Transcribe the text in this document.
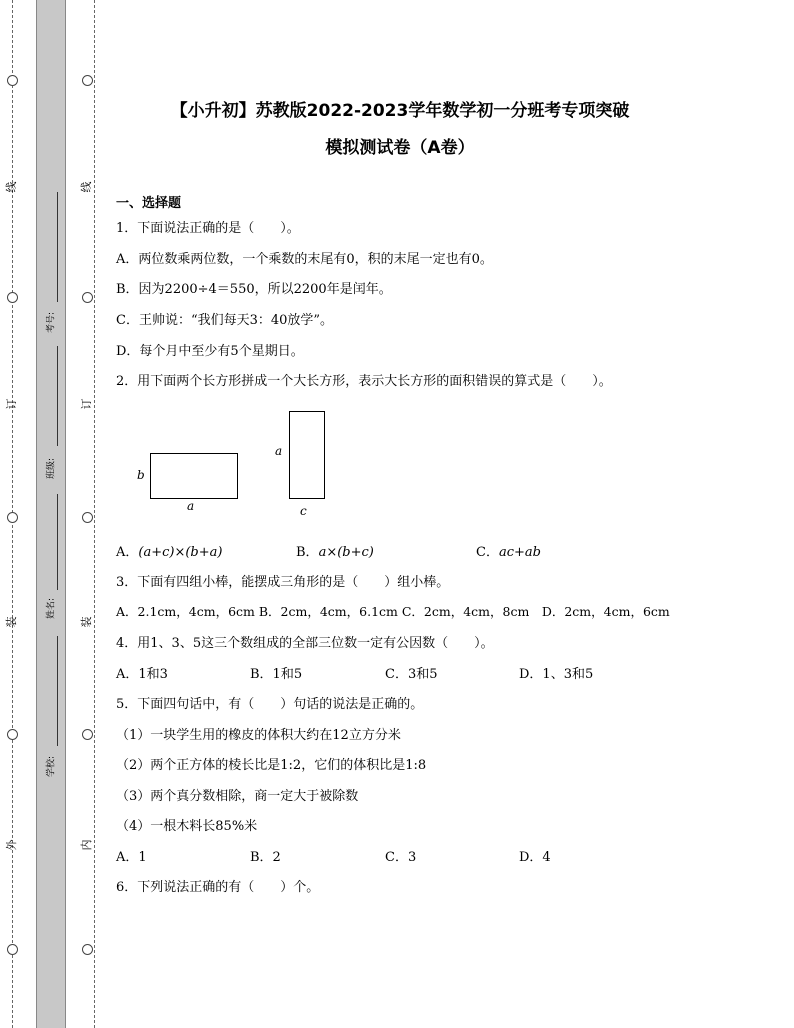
线
订
装
外
线
订
装
内
考号:
班级:
姓名:
学校:
【小升初】苏教版2022-2023学年数学初一分班考专项突破
模拟测试卷（A卷）
一、选择题
1．下面说法正确的是（　　）。
A．两位数乘两位数，一个乘数的末尾有0，积的末尾一定也有0。
B．因为2200÷4＝550，所以2200年是闰年。
C．王帅说：“我们每天3：40放学”。
D．每个月中至少有5个星期日。
2．用下面两个长方形拼成一个大长方形，表示大长方形的面积错误的算式是（　　）。
b
a
a
c
A．(a+c)×(b+a)	B．a×(b+c)	C．ac+ab
3．下面有四组小棒，能摆成三角形的是（　　）组小棒。
A．2.1cm，4cm，6cm B．2cm，4cm，6.1cm C．2cm，4cm，8cm　D．2cm，4cm，6cm
4．用1、3、5这三个数组成的全部三位数一定有公因数（　　）。
A．1和3	B．1和5	C．3和5	D．1、3和5
5．下面四句话中，有（　　）句话的说法是正确的。
（1）一块学生用的橡皮的体积大约在12立方分米
（2）两个正方体的棱长比是1:2，它们的体积比是1:8
（3）两个真分数相除，商一定大于被除数
（4）一根木料长85%米
A．1	B．2	C．3	D．4
6．下列说法正确的有（　　）个。
